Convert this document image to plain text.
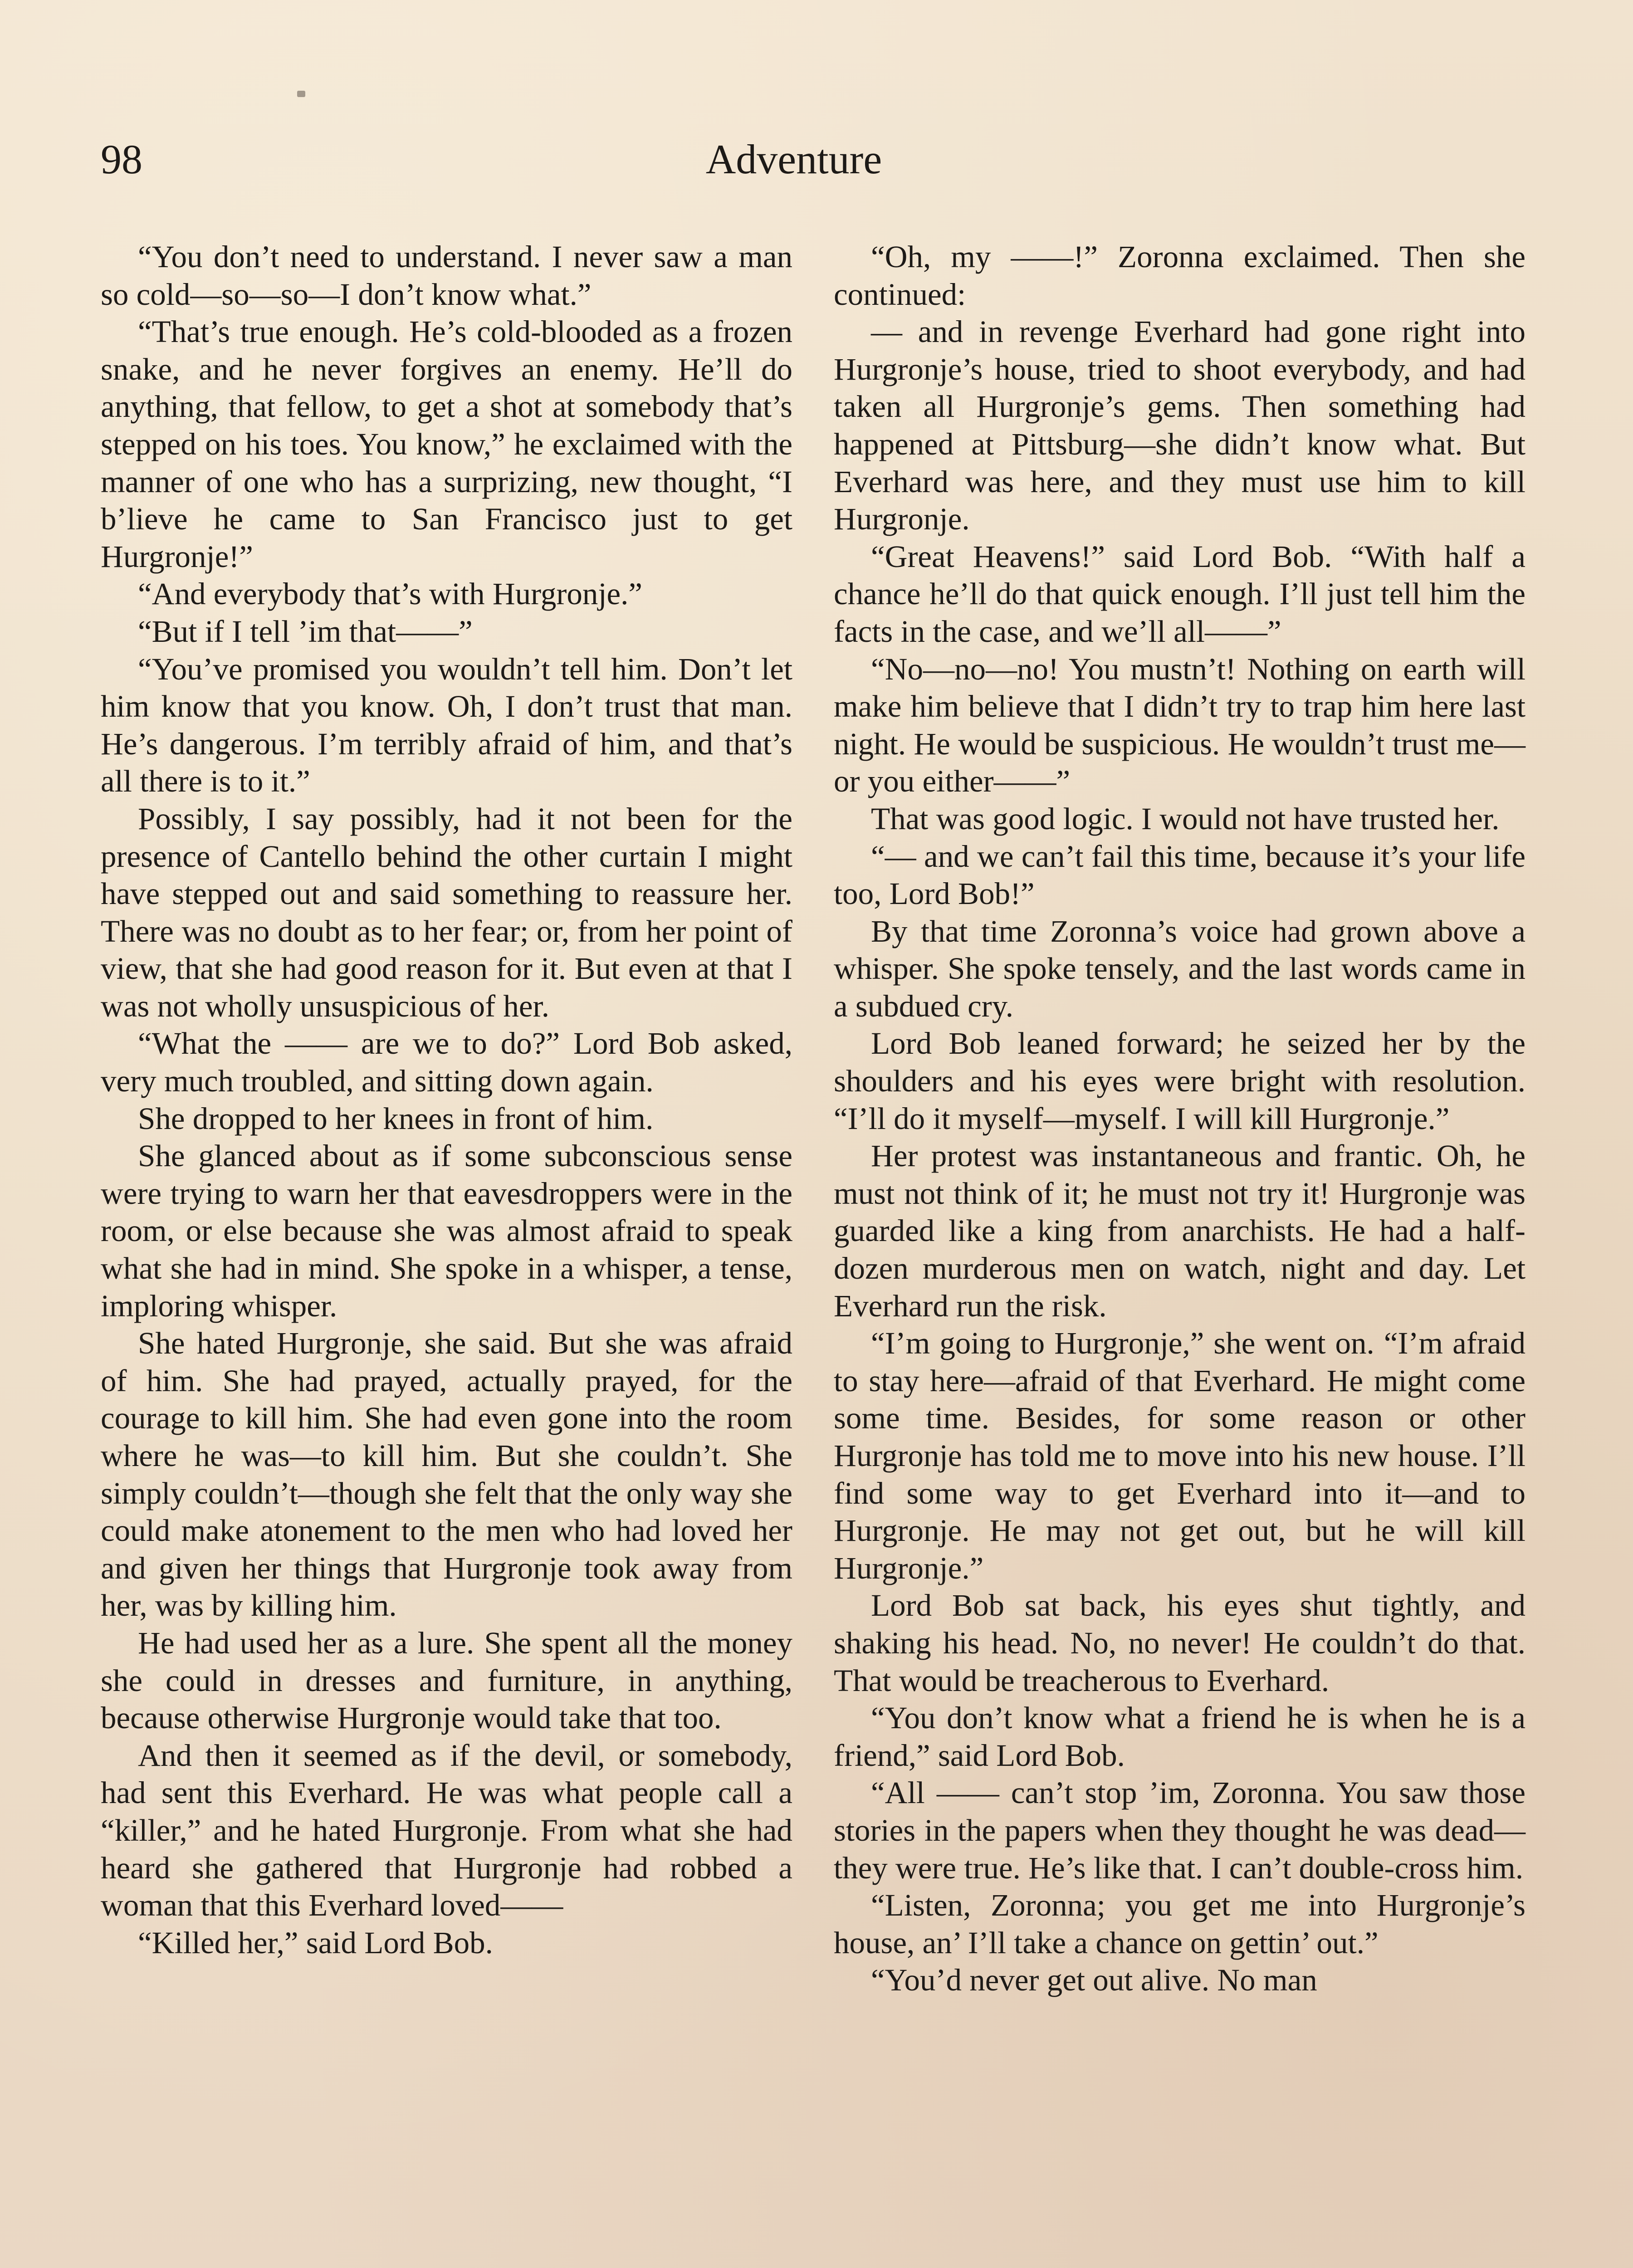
98	Adventure

“You don’t need to understand. I never saw a man so cold—so—so—I don’t know what.”

“That’s true enough. He’s cold-blooded as a frozen snake, and he never forgives an enemy. He’ll do anything, that fellow, to get a shot at somebody that’s stepped on his toes. You know,” he exclaimed with the manner of one who has a surprizing, new thought, “I b’lieve he came to San Francisco just to get Hurgronje!”

“And everybody that’s with Hurgronje.”

“But if I tell ’im that——”

“You’ve promised you wouldn’t tell him. Don’t let him know that you know. Oh, I don’t trust that man. He’s dangerous. I’m terribly afraid of him, and that’s all there is to it.”

Possibly, I say possibly, had it not been for the presence of Cantello behind the other curtain I might have stepped out and said something to reassure her. There was no doubt as to her fear; or, from her point of view, that she had good reason for it. But even at that I was not wholly unsuspicious of her.

“What the —— are we to do?” Lord Bob asked, very much troubled, and sitting down again.

She dropped to her knees in front of him.

She glanced about as if some subconscious sense were trying to warn her that eavesdroppers were in the room, or else because she was almost afraid to speak what she had in mind. She spoke in a whisper, a tense, imploring whisper.

She hated Hurgronje, she said. But she was afraid of him. She had prayed, actually prayed, for the courage to kill him. She had even gone into the room where he was—to kill him. But she couldn’t. She simply couldn’t—though she felt that the only way she could make atonement to the men who had loved her and given her things that Hurgronje took away from her, was by killing him.

He had used her as a lure. She spent all the money she could in dresses and furniture, in anything, because otherwise Hurgronje would take that too.

And then it seemed as if the devil, or somebody, had sent this Everhard. He was what people call a “killer,” and he hated Hurgronje. From what she had heard she gathered that Hurgronje had robbed a woman that this Everhard loved——

“Killed her,” said Lord Bob.

“Oh, my ——!” Zoronna exclaimed. Then she continued:

— and in revenge Everhard had gone right into Hurgronje’s house, tried to shoot everybody, and had taken all Hurgronje’s gems. Then something had happened at Pittsburg—she didn’t know what. But Everhard was here, and they must use him to kill Hurgronje.

“Great Heavens!” said Lord Bob. “With half a chance he’ll do that quick enough. I’ll just tell him the facts in the case, and we’ll all——”

“No—no—no! You mustn’t! Nothing on earth will make him believe that I didn’t try to trap him here last night. He would be suspicious. He wouldn’t trust me—or you either——”

That was good logic. I would not have trusted her.

“— and we can’t fail this time, because it’s your life too, Lord Bob!”

By that time Zoronna’s voice had grown above a whisper. She spoke tensely, and the last words came in a subdued cry.

Lord Bob leaned forward; he seized her by the shoulders and his eyes were bright with resolution. “I’ll do it myself—myself. I will kill Hurgronje.”

Her protest was instantaneous and frantic. Oh, he must not think of it; he must not try it! Hurgronje was guarded like a king from anarchists. He had a half-dozen murderous men on watch, night and day. Let Everhard run the risk.

“I’m going to Hurgronje,” she went on. “I’m afraid to stay here—afraid of that Everhard. He might come some time. Besides, for some reason or other Hurgronje has told me to move into his new house. I’ll find some way to get Everhard into it—and to Hurgronje. He may not get out, but he will kill Hurgronje.”

Lord Bob sat back, his eyes shut tightly, and shaking his head. No, no never! He couldn’t do that. That would be treacherous to Everhard.

“You don’t know what a friend he is when he is a friend,” said Lord Bob.

“All —— can’t stop ’im, Zoronna. You saw those stories in the papers when they thought he was dead—they were true. He’s like that. I can’t double-cross him.

“Listen, Zoronna; you get me into Hurgronje’s house, an’ I’ll take a chance on gettin’ out.”

“You’d never get out alive. No man
